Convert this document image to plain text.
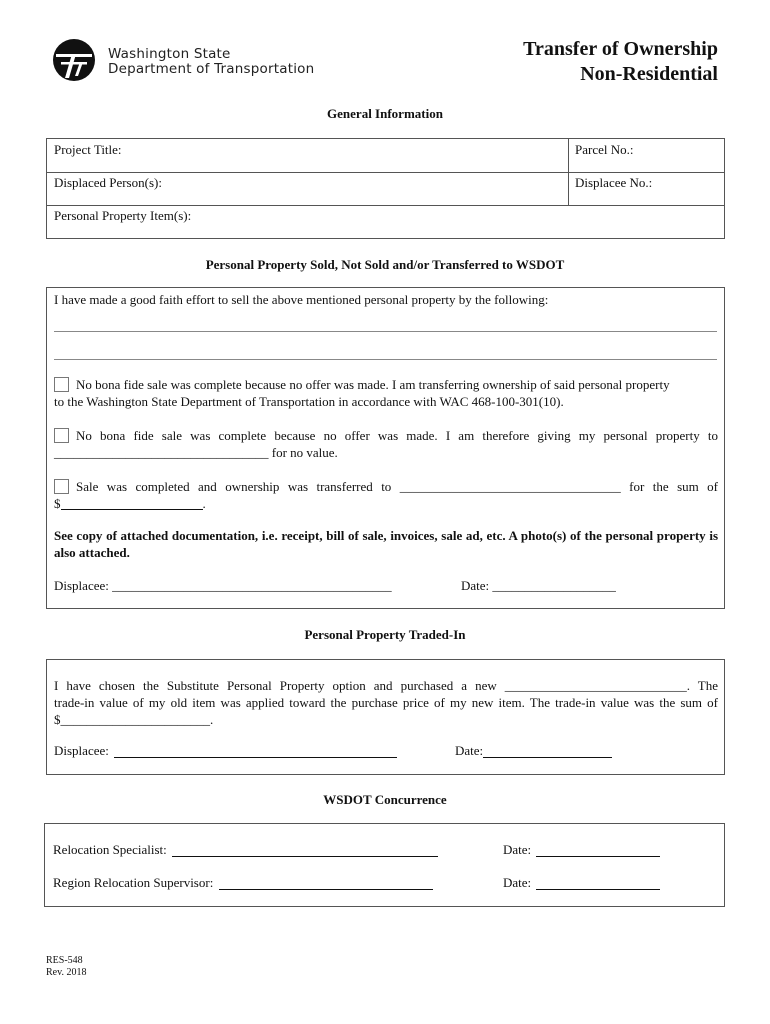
Washington State
Department of Transportation
Transfer of Ownership
Non-Residential
General Information
Project Title:	Parcel No.:
Displaced Person(s):	Displacee No.:
Personal Property Item(s):
Personal Property Sold, Not Sold and/or Transferred to WSDOT
I have made a good faith effort to sell the above mentioned personal property by the following:
No bona fide sale was complete because no offer was made. I am transferring ownership of said personal property
to the Washington State Department of Transportation in accordance with WAC 468-100-301(10).
No bona fide sale was complete because no offer was made. I am therefore giving my personal property to
_________________________________ for no value.
Sale was completed and ownership was transferred to __________________________________ for the sum of
$	.
See copy of attached documentation, i.e. receipt, bill of sale, invoices, sale ad, etc. A photo(s) of the personal property is also attached.
Displacee: ___________________________________________	Date: ___________________
Personal Property Traded-In
I have chosen the Substitute Personal Property option and purchased a new ____________________________. The
trade-in value of my old item was applied toward the purchase price of my new item. The trade-in value was the sum of
$_______________________.
Displacee:	Date:
WSDOT Concurrence
Relocation Specialist:	Date:
Region Relocation Supervisor:	Date:
RES-548
Rev. 2018
